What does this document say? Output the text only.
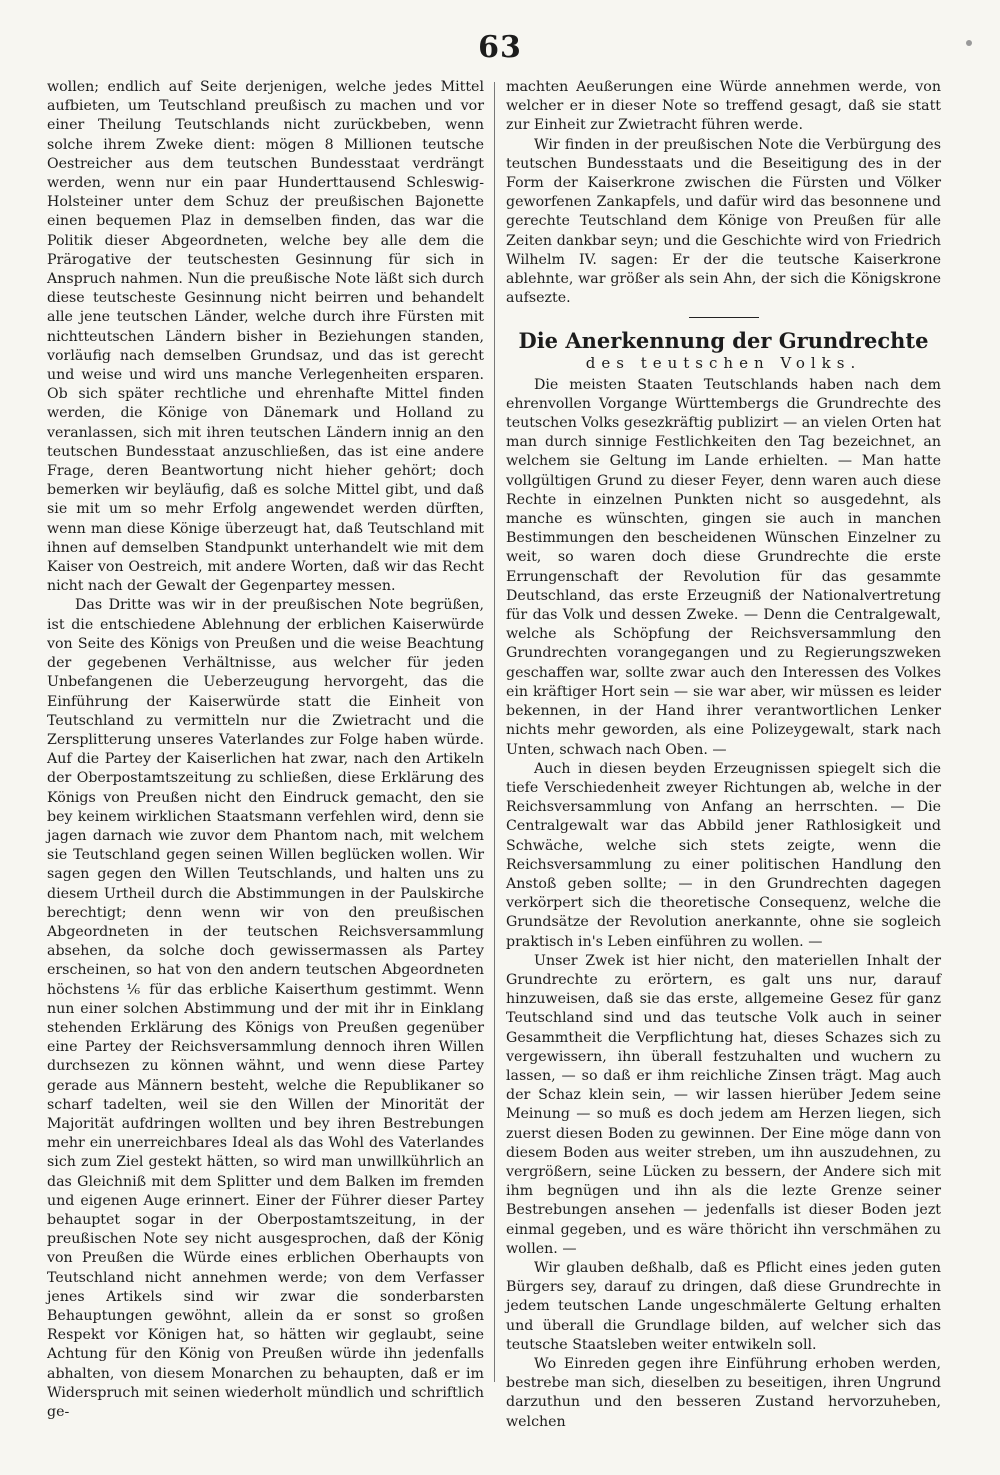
63

wollen; endlich auf Seite derjenigen, welche jedes Mittel aufbieten, um Teutschland preußisch zu machen und vor einer Theilung Teutschlands nicht zurückbeben, wenn solche ihrem Zweke dient: mögen 8 Millionen teutsche Oestreicher aus dem teutschen Bundesstaat verdrängt werden, wenn nur ein paar Hunderttausend Schleswig-Holsteiner unter dem Schuz der preußischen Bajonette einen bequemen Plaz in demselben finden, das war die Politik dieser Abgeordneten, welche bey alle dem die Prärogative der teutschesten Gesinnung für sich in Anspruch nahmen. Nun die preußische Note läßt sich durch diese teutscheste Gesinnung nicht beirren und behandelt alle jene teutschen Länder, welche durch ihre Fürsten mit nichtteutschen Ländern bisher in Beziehungen standen, vorläufig nach demselben Grundsaz, und das ist gerecht und weise und wird uns manche Verlegenheiten ersparen. Ob sich später rechtliche und ehrenhafte Mittel finden werden, die Könige von Dänemark und Holland zu veranlassen, sich mit ihren teutschen Ländern innig an den teutschen Bundesstaat anzuschließen, das ist eine andere Frage, deren Beantwortung nicht hieher gehört; doch bemerken wir beyläufig, daß es solche Mittel gibt, und daß sie mit um so mehr Erfolg angewendet werden dürften, wenn man diese Könige überzeugt hat, daß Teutschland mit ihnen auf demselben Standpunkt unterhandelt wie mit dem Kaiser von Oestreich, mit andere Worten, daß wir das Recht nicht nach der Gewalt der Gegenpartey messen.

Das Dritte was wir in der preußischen Note begrüßen, ist die entschiedene Ablehnung der erblichen Kaiserwürde von Seite des Königs von Preußen und die weise Beachtung der gegebenen Verhältnisse, aus welcher für jeden Unbefangenen die Ueberzeugung hervorgeht, das die Einführung der Kaiserwürde statt die Einheit von Teutschland zu vermitteln nur die Zwietracht und die Zersplitterung unseres Vaterlandes zur Folge haben würde. Auf die Partey der Kaiserlichen hat zwar, nach den Artikeln der Oberpostamtszeitung zu schließen, diese Erklärung des Königs von Preußen nicht den Eindruck gemacht, den sie bey keinem wirklichen Staatsmann verfehlen wird, denn sie jagen darnach wie zuvor dem Phantom nach, mit welchem sie Teutschland gegen seinen Willen beglücken wollen. Wir sagen gegen den Willen Teutschlands, und halten uns zu diesem Urtheil durch die Abstimmungen in der Paulskirche berechtigt; denn wenn wir von den preußischen Abgeordneten in der teutschen Reichsversammlung absehen, da solche doch gewissermassen als Partey erscheinen, so hat von den andern teutschen Abgeordneten höchstens ⅙ für das erbliche Kaiserthum gestimmt. Wenn nun einer solchen Abstimmung und der mit ihr in Einklang stehenden Erklärung des Königs von Preußen gegenüber eine Partey der Reichsversammlung dennoch ihren Willen durchsezen zu können wähnt, und wenn diese Partey gerade aus Männern besteht, welche die Republikaner so scharf tadelten, weil sie den Willen der Minorität der Majorität aufdringen wollten und bey ihren Bestrebungen mehr ein unerreichbares Ideal als das Wohl des Vaterlandes sich zum Ziel gestekt hätten, so wird man unwillkührlich an das Gleichniß mit dem Splitter und dem Balken im fremden und eigenen Auge erinnert. Einer der Führer dieser Partey behauptet sogar in der Oberpostamtszeitung, in der preußischen Note sey nicht ausgesprochen, daß der König von Preußen die Würde eines erblichen Oberhaupts von Teutschland nicht annehmen werde; von dem Verfasser jenes Artikels sind wir zwar die sonderbarsten Behauptungen gewöhnt, allein da er sonst so großen Respekt vor Königen hat, so hätten wir geglaubt, seine Achtung für den König von Preußen würde ihn jedenfalls abhalten, von diesem Monarchen zu behaupten, daß er im Widerspruch mit seinen wiederholt mündlich und schriftlich ge-

machten Aeußerungen eine Würde annehmen werde, von welcher er in dieser Note so treffend gesagt, daß sie statt zur Einheit zur Zwietracht führen werde.

Wir finden in der preußischen Note die Verbürgung des teutschen Bundesstaats und die Beseitigung des in der Form der Kaiserkrone zwischen die Fürsten und Völker geworfenen Zankapfels, und dafür wird das besonnene und gerechte Teutschland dem Könige von Preußen für alle Zeiten dankbar seyn; und die Geschichte wird von Friedrich Wilhelm IV. sagen: Er der die teutsche Kaiserkrone ablehnte, war größer als sein Ahn, der sich die Königskrone aufsezte.

Die Anerkennung der Grundrechte
des teutschen Volks.

Die meisten Staaten Teutschlands haben nach dem ehrenvollen Vorgange Württembergs die Grundrechte des teutschen Volks gesezkräftig publizirt — an vielen Orten hat man durch sinnige Festlichkeiten den Tag bezeichnet, an welchem sie Geltung im Lande erhielten. — Man hatte vollgültigen Grund zu dieser Feyer, denn waren auch diese Rechte in einzelnen Punkten nicht so ausgedehnt, als manche es wünschten, gingen sie auch in manchen Bestimmungen den bescheidenen Wünschen Einzelner zu weit, so waren doch diese Grundrechte die erste Errungenschaft der Revolution für das gesammte Deutschland, das erste Erzeugniß der Nationalvertretung für das Volk und dessen Zweke. — Denn die Centralgewalt, welche als Schöpfung der Reichsversammlung den Grundrechten vorangegangen und zu Regierungszweken geschaffen war, sollte zwar auch den Interessen des Volkes ein kräftiger Hort sein — sie war aber, wir müssen es leider bekennen, in der Hand ihrer verantwortlichen Lenker nichts mehr geworden, als eine Polizeygewalt, stark nach Unten, schwach nach Oben. —

Auch in diesen beyden Erzeugnissen spiegelt sich die tiefe Verschiedenheit zweyer Richtungen ab, welche in der Reichsversammlung von Anfang an herrschten. — Die Centralgewalt war das Abbild jener Rathlosigkeit und Schwäche, welche sich stets zeigte, wenn die Reichsversammlung zu einer politischen Handlung den Anstoß geben sollte; — in den Grundrechten dagegen verkörpert sich die theoretische Consequenz, welche die Grundsätze der Revolution anerkannte, ohne sie sogleich praktisch in's Leben einführen zu wollen. —

Unser Zwek ist hier nicht, den materiellen Inhalt der Grundrechte zu erörtern, es galt uns nur, darauf hinzuweisen, daß sie das erste, allgemeine Gesez für ganz Teutschland sind und das teutsche Volk auch in seiner Gesammtheit die Verpflichtung hat, dieses Schazes sich zu vergewissern, ihn überall festzuhalten und wuchern zu lassen, — so daß er ihm reichliche Zinsen trägt. Mag auch der Schaz klein sein, — wir lassen hierüber Jedem seine Meinung — so muß es doch jedem am Herzen liegen, sich zuerst diesen Boden zu gewinnen. Der Eine möge dann von diesem Boden aus weiter streben, um ihn auszudehnen, zu vergrößern, seine Lücken zu bessern, der Andere sich mit ihm begnügen und ihn als die lezte Grenze seiner Bestrebungen ansehen — jedenfalls ist dieser Boden jezt einmal gegeben, und es wäre thöricht ihn verschmähen zu wollen. —

Wir glauben deßhalb, daß es Pflicht eines jeden guten Bürgers sey, darauf zu dringen, daß diese Grundrechte in jedem teutschen Lande ungeschmälerte Geltung erhalten und überall die Grundlage bilden, auf welcher sich das teutsche Staatsleben weiter entwikeln soll.

Wo Einreden gegen ihre Einführung erhoben werden, bestrebe man sich, dieselben zu beseitigen, ihren Ungrund darzuthun und den besseren Zustand hervorzuheben, welchen
